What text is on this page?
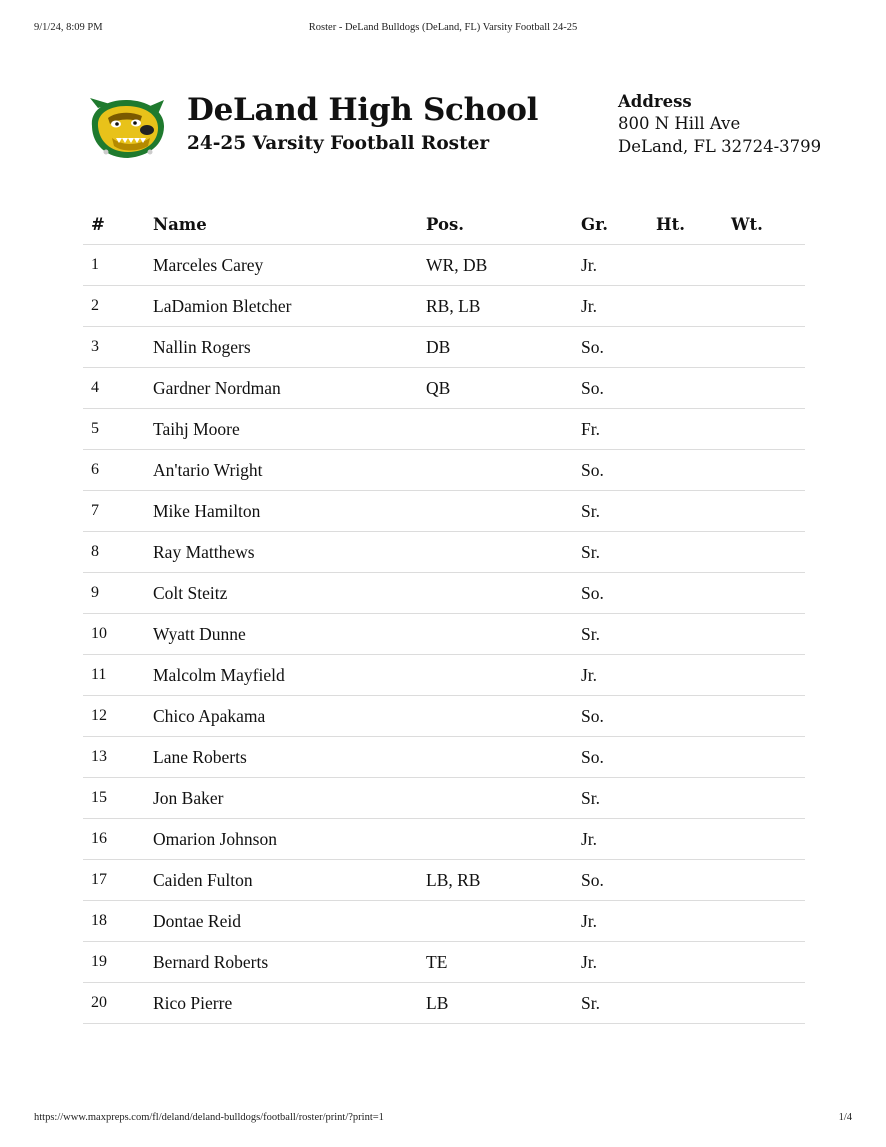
9/1/24, 8:09 PM	Roster - DeLand Bulldogs (DeLand, FL) Varsity Football 24-25
DeLand High School
24-25 Varsity Football Roster
Address
800 N Hill Ave
DeLand, FL 32724-3799
#	Name	Pos.	Gr.	Ht.	Wt.
1	Marceles Carey	WR, DB	Jr.		
2	LaDamion Bletcher	RB, LB	Jr.		
3	Nallin Rogers	DB	So.		
4	Gardner Nordman	QB	So.		
5	Taihj Moore		Fr.		
6	An'tario Wright		So.		
7	Mike Hamilton		Sr.		
8	Ray Matthews		Sr.		
9	Colt Steitz		So.		
10	Wyatt Dunne		Sr.		
11	Malcolm Mayfield		Jr.		
12	Chico Apakama		So.		
13	Lane Roberts		So.		
15	Jon Baker		Sr.		
16	Omarion Johnson		Jr.		
17	Caiden Fulton	LB, RB	So.		
18	Dontae Reid		Jr.		
19	Bernard Roberts	TE	Jr.		
20	Rico Pierre	LB	Sr.		
https://www.maxpreps.com/fl/deland/deland-bulldogs/football/roster/print/?print=1	1/4
